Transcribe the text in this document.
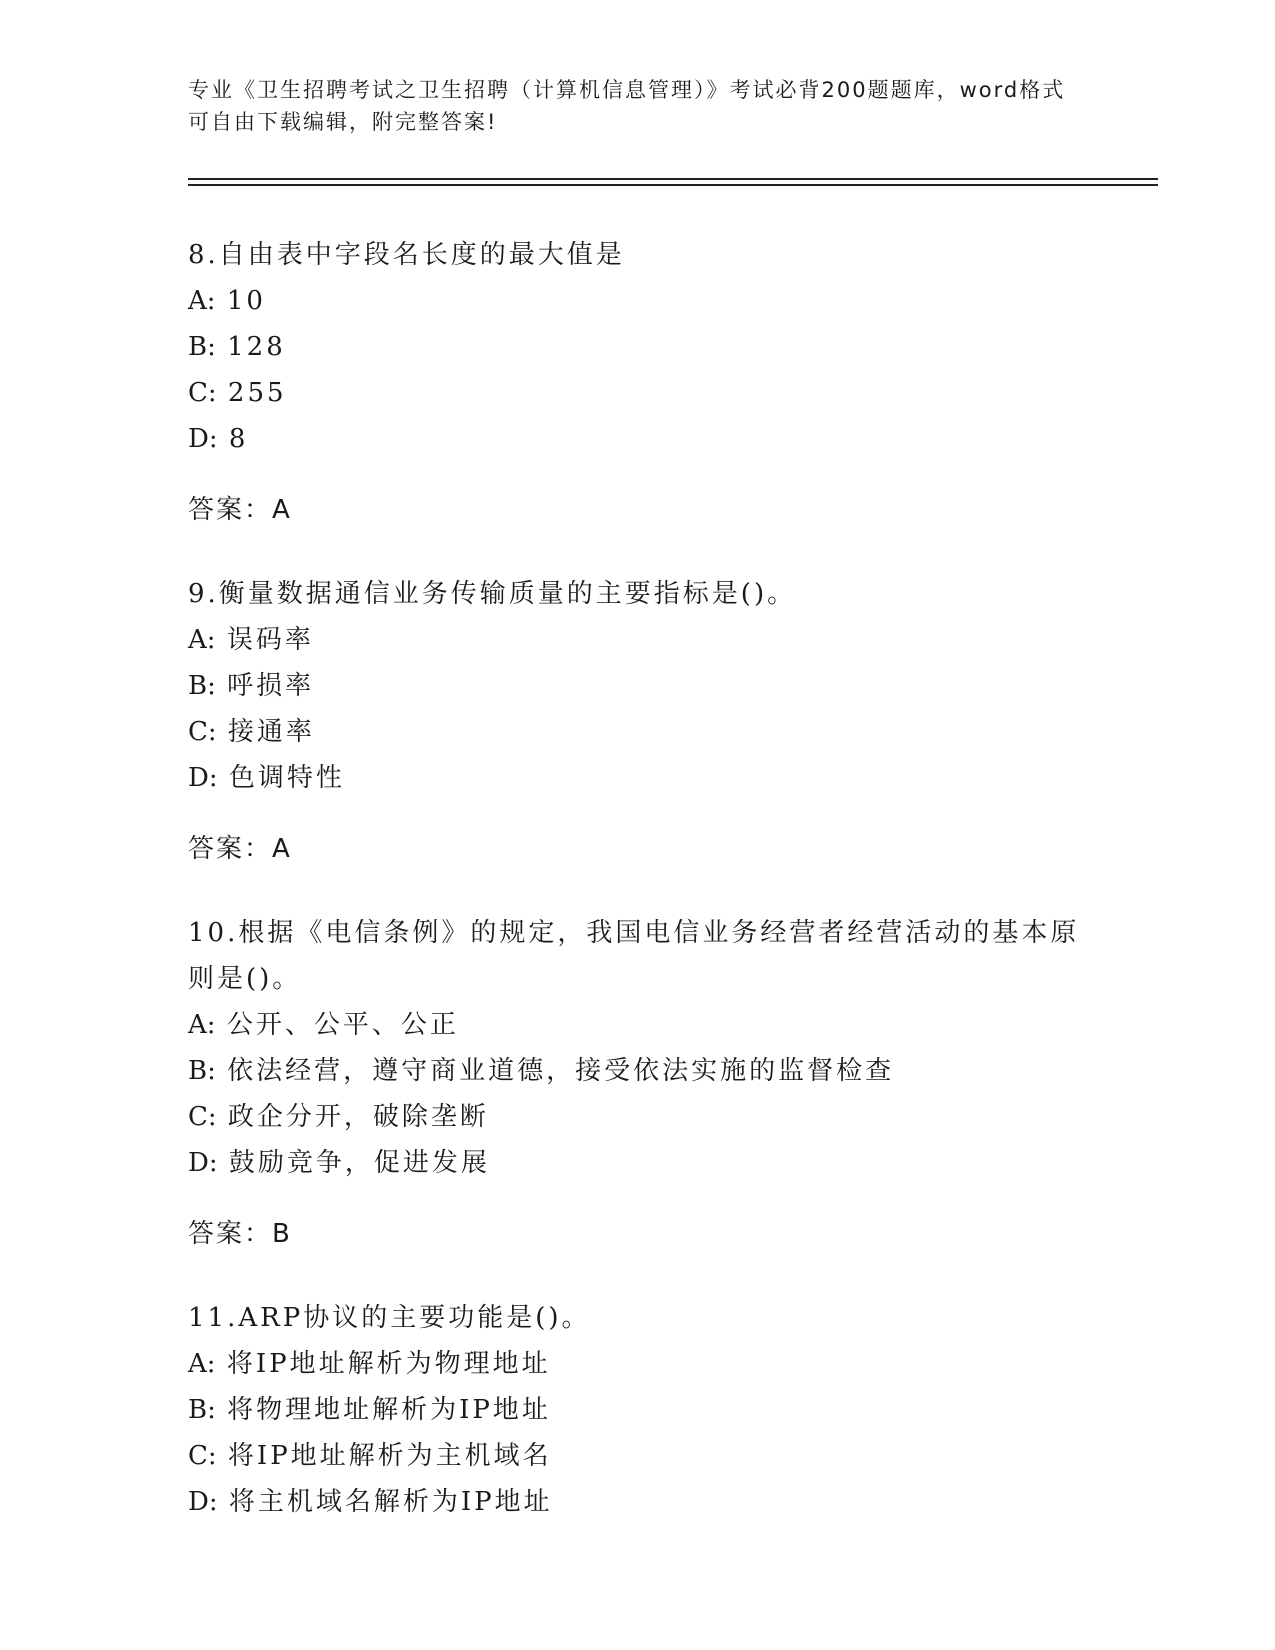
专业《卫生招聘考试之卫生招聘（计算机信息管理）》考试必背200题题库，word格式可自由下载编辑，附完整答案!

8.自由表中字段名长度的最大值是

A: 10

B: 128

C: 255

D: 8

答案：A

9.衡量数据通信业务传输质量的主要指标是()。

A: 误码率

B: 呼损率

C: 接通率

D: 色调特性

答案：A

10.根据《电信条例》的规定，我国电信业务经营者经营活动的基本原则是()。

A: 公开、公平、公正

B: 依法经营，遵守商业道德，接受依法实施的监督检查

C: 政企分开，破除垄断

D: 鼓励竞争，促进发展

答案：B

11.ARP协议的主要功能是()。

A: 将IP地址解析为物理地址

B: 将物理地址解析为IP地址

C: 将IP地址解析为主机域名

D: 将主机域名解析为IP地址
